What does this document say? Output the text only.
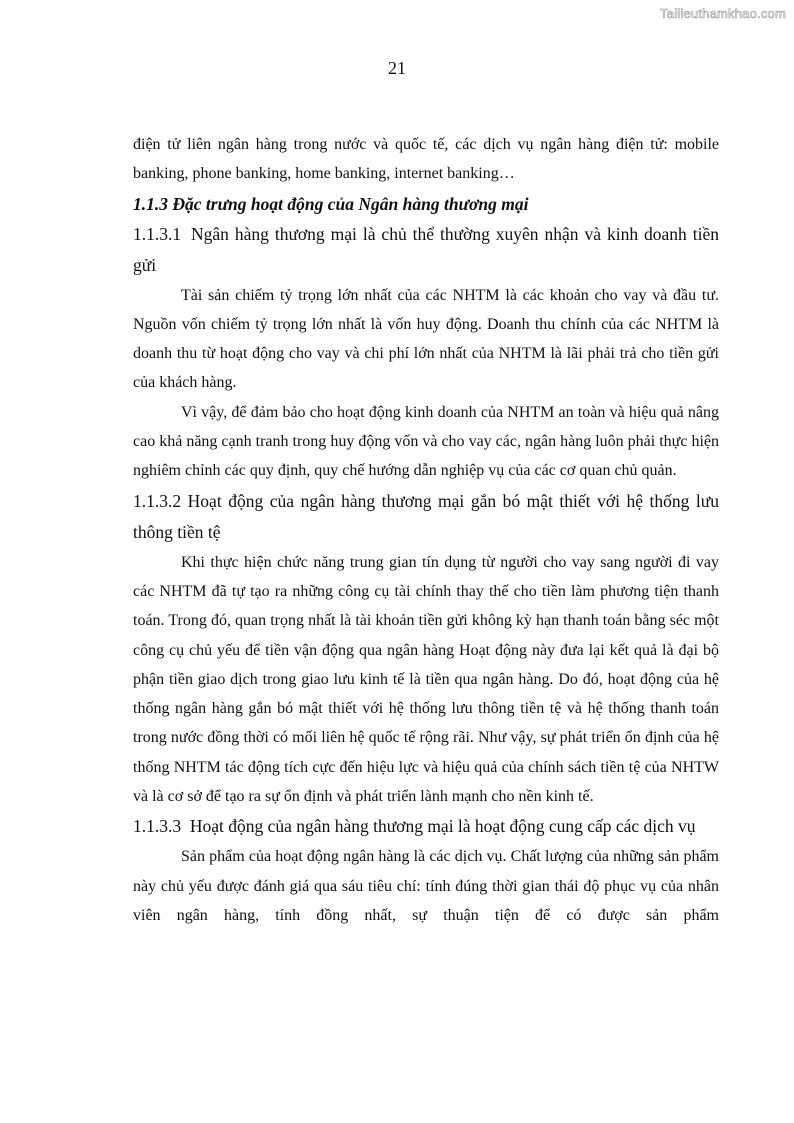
Tailieuthamkhao.com
21

điện tử liên ngân hàng trong nước và quốc tế, các dịch vụ ngân hàng điện tử: mobile banking, phone banking, home banking, internet banking…

1.1.3 Đặc trưng hoạt động của Ngân hàng thương mại

1.1.3.1 Ngân hàng thương mại là chủ thể thường xuyên nhận và kinh doanh tiền gửi

Tài sản chiếm tỷ trọng lớn nhất của các NHTM là các khoản cho vay và đầu tư. Nguồn vốn chiếm tỷ trọng lớn nhất là vốn huy động. Doanh thu chính của các NHTM là doanh thu từ hoạt động cho vay và chi phí lớn nhất của NHTM là lãi phải trả cho tiền gửi của khách hàng.

Vì vậy, để đảm bảo cho hoạt động kinh doanh của NHTM an toàn và hiệu quả nâng cao khả năng cạnh tranh trong huy động vốn và cho vay các, ngân hàng luôn phải thực hiện nghiêm chỉnh các quy định, quy chế hướng dẫn nghiệp vụ của các cơ quan chủ quản.

1.1.3.2 Hoạt động của ngân hàng thương mại gắn bó mật thiết với hệ thống lưu thông tiền tệ

Khi thực hiện chức năng trung gian tín dụng từ người cho vay sang người đi vay các NHTM đã tự tạo ra những công cụ tài chính thay thế cho tiền làm phương tiện thanh toán. Trong đó, quan trọng nhất là tài khoản tiền gửi không kỳ hạn thanh toán bằng séc một công cụ chủ yếu để tiền vận động qua ngân hàng Hoạt động này đưa lại kết quả là đại bộ phận tiền giao dịch trong giao lưu kinh tế là tiền qua ngân hàng. Do đó, hoạt động của hệ thống ngân hàng gắn bó mật thiết với hệ thống lưu thông tiền tệ và hệ thống thanh toán trong nước đồng thời có mối liên hệ quốc tế rộng rãi. Như vậy, sự phát triển ổn định của hệ thống NHTM tác động tích cực đến hiệu lực và hiệu quả của chính sách tiền tệ của NHTW và là cơ sở để tạo ra sự ổn định và phát triển lành mạnh cho nền kinh tế.

1.1.3.3 Hoạt động của ngân hàng thương mại là hoạt động cung cấp các dịch vụ

Sản phẩm của hoạt động ngân hàng là các dịch vụ. Chất lượng của những sản phẩm này chủ yếu được đánh giá qua sáu tiêu chí: tính đúng thời gian thái độ phục vụ của nhân viên ngân hàng, tính đồng nhất, sự thuận tiện để có được sản phẩm
